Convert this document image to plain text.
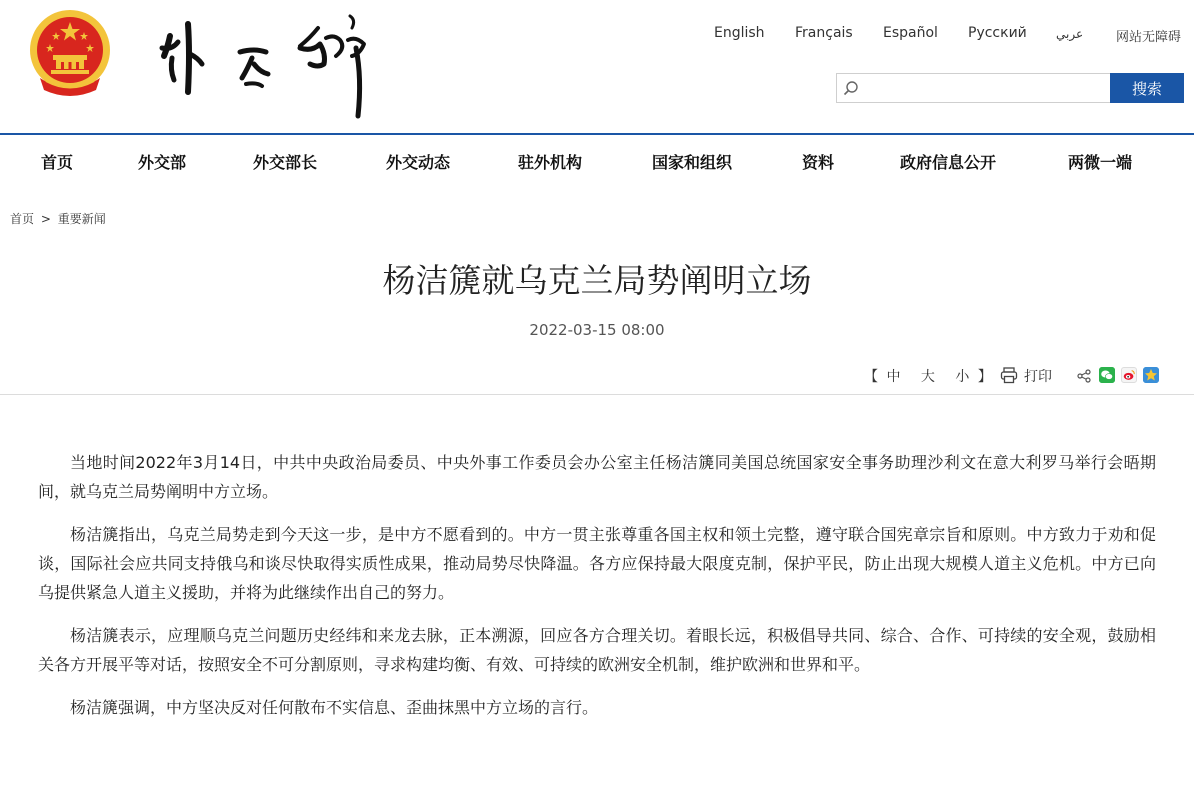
English Français Español Русский عربي	网站无障碍
搜索
首页	外交部	外交部长	外交动态	驻外机构	国家和组织	资料	政府信息公开	两微一端
首页 > 重要新闻
杨洁篪就乌克兰局势阐明立场
2022-03-15 08:00
【 中 大 小 】 打印

当地时间2022年3月14日，中共中央政治局委员、中央外事工作委员会办公室主任杨洁篪同美国总统国家安全事务助理沙利文在意大利罗马举行会晤期间，就乌克兰局势阐明中方立场。

杨洁篪指出，乌克兰局势走到今天这一步，是中方不愿看到的。中方一贯主张尊重各国主权和领土完整，遵守联合国宪章宗旨和原则。中方致力于劝和促谈，国际社会应共同支持俄乌和谈尽快取得实质性成果，推动局势尽快降温。各方应保持最大限度克制，保护平民，防止出现大规模人道主义危机。中方已向乌提供紧急人道主义援助，并将为此继续作出自己的努力。

杨洁篪表示，应理顺乌克兰问题历史经纬和来龙去脉，正本溯源，回应各方合理关切。着眼长远，积极倡导共同、综合、合作、可持续的安全观，鼓励相关各方开展平等对话，按照安全不可分割原则，寻求构建均衡、有效、可持续的欧洲安全机制，维护欧洲和世界和平。

杨洁篪强调，中方坚决反对任何散布不实信息、歪曲抹黑中方立场的言行。
